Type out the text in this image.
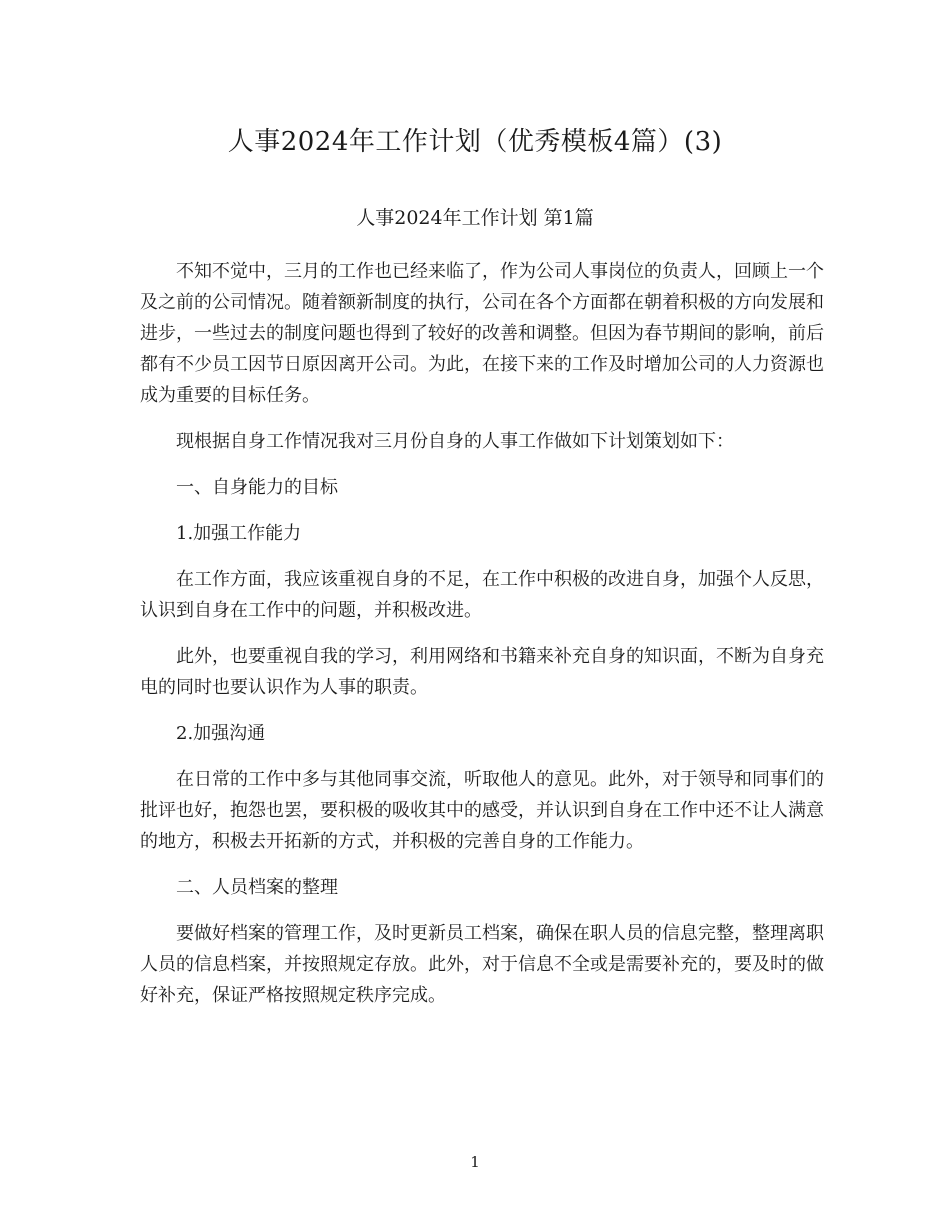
人事2024年工作计划（优秀模板4篇）(3)
人事2024年工作计划 第1篇

不知不觉中，三月的工作也已经来临了，作为公司人事岗位的负责人，回顾上一个及之前的公司情况。随着额新制度的执行，公司在各个方面都在朝着积极的方向发展和进步，一些过去的制度问题也得到了较好的改善和调整。但因为春节期间的影响，前后都有不少员工因节日原因离开公司。为此，在接下来的工作及时增加公司的人力资源也成为重要的目标任务。

现根据自身工作情况我对三月份自身的人事工作做如下计划策划如下：

一、自身能力的目标

1.加强工作能力

在工作方面，我应该重视自身的不足，在工作中积极的改进自身，加强个人反思，认识到自身在工作中的问题，并积极改进。

此外，也要重视自我的学习，利用网络和书籍来补充自身的知识面，不断为自身充电的同时也要认识作为人事的职责。

2.加强沟通

在日常的工作中多与其他同事交流，听取他人的意见。此外，对于领导和同事们的批评也好，抱怨也罢，要积极的吸收其中的感受，并认识到自身在工作中还不让人满意的地方，积极去开拓新的方式，并积极的完善自身的工作能力。

二、人员档案的整理

要做好档案的管理工作，及时更新员工档案，确保在职人员的信息完整，整理离职人员的信息档案，并按照规定存放。此外，对于信息不全或是需要补充的，要及时的做好补充，保证严格按照规定秩序完成。

1
